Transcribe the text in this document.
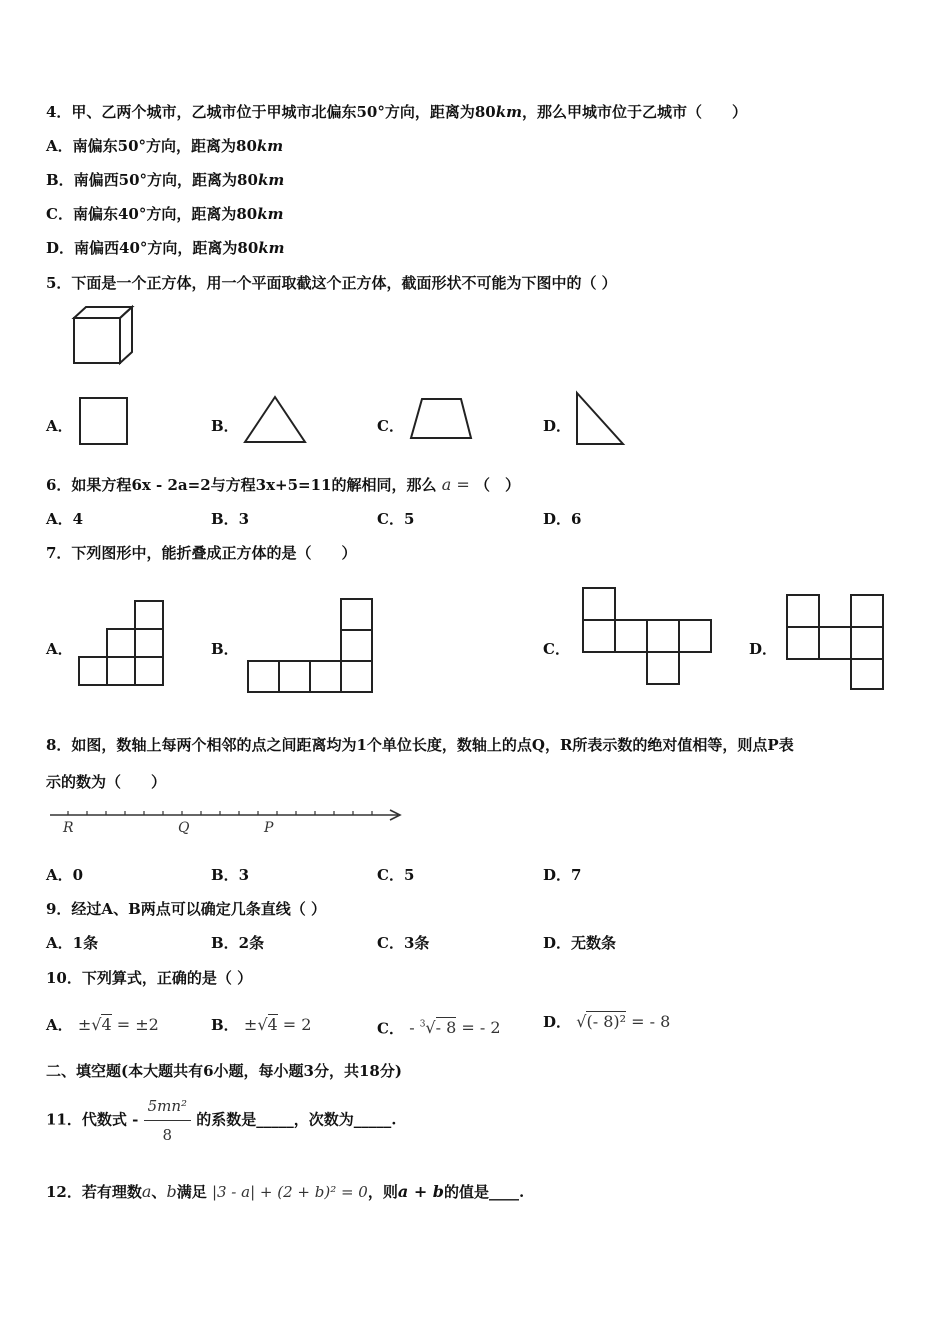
4．甲、乙两个城市，乙城市位于甲城市北偏东50°方向，距离为80km，那么甲城市位于乙城市（　　）
A．南偏东50°方向，距离为80km
B．南偏西50°方向，距离为80km
C．南偏东40°方向，距离为80km
D．南偏西40°方向，距离为80km
5．下面是一个正方体，用一个平面取截这个正方体，截面形状不可能为下图中的（ ）
A．	B．	C．	D．
6．如果方程6x - 2a=2与方程3x+5=11的解相同，那么 a = （　）
A．4	B．3	C．5	D．6
7．下列图形中，能折叠成正方体的是（　　）
A．	B．	C．	D．
8．如图，数轴上每两个相邻的点之间距离均为1个单位长度，数轴上的点Q，R所表示数的绝对值相等，则点P表
示的数为（　　）
R	Q	P
A．0	B．3	C．5	D．7
9．经过A、B两点可以确定几条直线（ ）
A．1条	B．2条	C．3条	D．无数条
10．下列算式，正确的是（ ）
A． ±√4 = ±2	B． ±√4 = 2	C． - $^3$√- 8 = - 2	D． √(- 8)² = - 8
二、填空题(本大题共有6小题，每小题3分，共18分)
11．代数式 - $\frac{\text{5mn²}}{8}$ 的系数是_____，次数为_____.
12．若有理数a、b满足 |3 - a| + (2 + b)² = 0，则a + b的值是____.
